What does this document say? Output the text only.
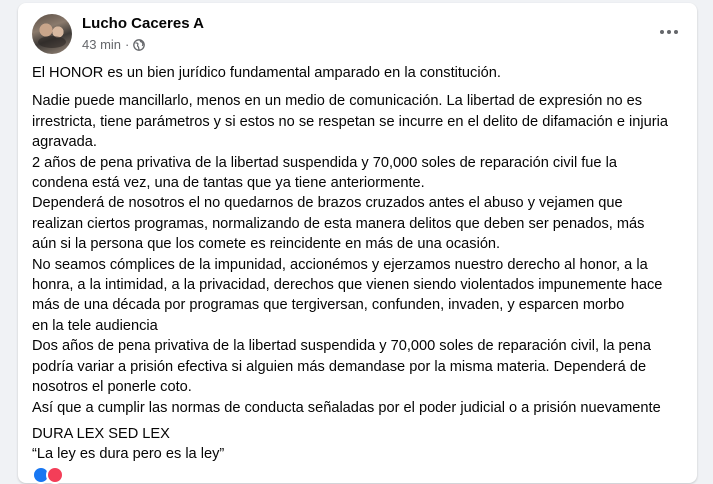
Lucho Caceres A
43 min ·

El HONOR es un bien jurídico fundamental amparado en la constitución.

Nadie puede mancillarlo, menos en un medio de comunicación. La libertad de expresión no es

irrestricta, tiene parámetros y si estos no se respetan se incurre en el delito de difamación e injuria

agravada.

2 años de pena privativa de la libertad suspendida y 70,000 soles de reparación civil fue la

condena está vez, una de tantas que ya tiene anteriormente.

Dependerá de nosotros el no quedarnos de brazos cruzados antes el abuso y vejamen que

realizan ciertos programas, normalizando de esta manera delitos que deben ser penados, más

aún si la persona que los comete es reincidente en más de una ocasión.

No seamos cómplices de la impunidad, accionémos y ejerzamos nuestro derecho al honor, a la

honra, a la intimidad, a la privacidad, derechos que vienen siendo violentados impunemente hace

más de una década por programas que tergiversan, confunden, invaden, y esparcen morbo

en la tele audiencia

Dos años de pena privativa de la libertad suspendida y 70,000 soles de reparación civil, la pena

podría variar a prisión efectiva si alguien más demandase por la misma materia. Dependerá de

nosotros el ponerle coto.

Así que a cumplir las normas de conducta señaladas por el poder judicial o a prisión nuevamente

DURA LEX SED LEX

“La ley es dura pero es la ley”
